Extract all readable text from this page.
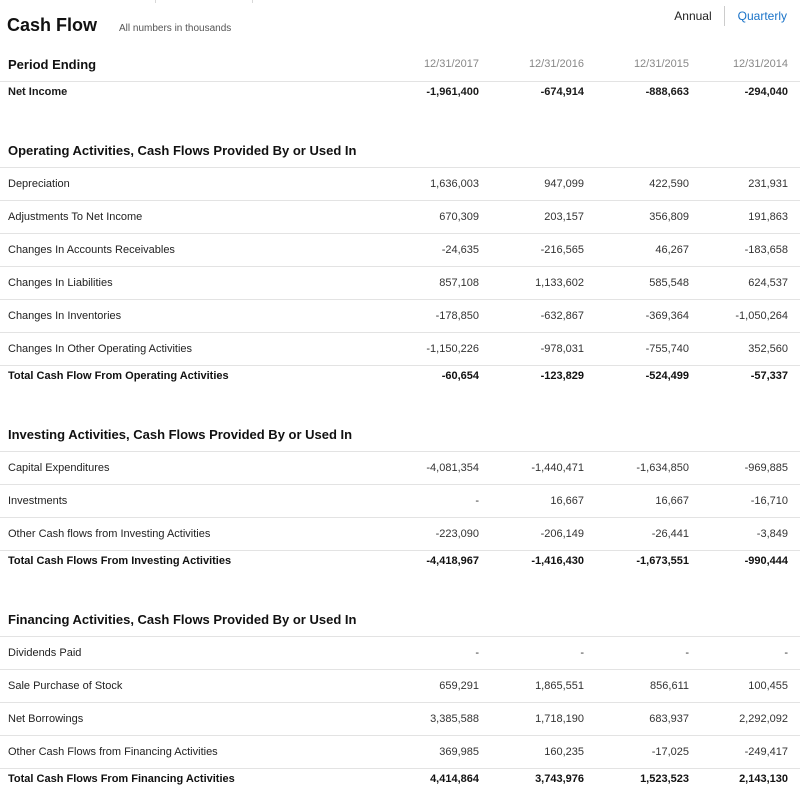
Cash Flow All numbers in thousands
Annual	Quarterly
Period Ending	12/31/2017	12/31/2016	12/31/2015	12/31/2014
Net Income	-1,961,400	-674,914	-888,663	-294,040
Operating Activities, Cash Flows Provided By or Used In				
Depreciation	1,636,003	947,099	422,590	231,931
Adjustments To Net Income	670,309	203,157	356,809	191,863
Changes In Accounts Receivables	-24,635	-216,565	46,267	-183,658
Changes In Liabilities	857,108	1,133,602	585,548	624,537
Changes In Inventories	-178,850	-632,867	-369,364	-1,050,264
Changes In Other Operating Activities	-1,150,226	-978,031	-755,740	352,560
Total Cash Flow From Operating Activities	-60,654	-123,829	-524,499	-57,337
Investing Activities, Cash Flows Provided By or Used In				
Capital Expenditures	-4,081,354	-1,440,471	-1,634,850	-969,885
Investments	-	16,667	16,667	-16,710
Other Cash flows from Investing Activities	-223,090	-206,149	-26,441	-3,849
Total Cash Flows From Investing Activities	-4,418,967	-1,416,430	-1,673,551	-990,444
Financing Activities, Cash Flows Provided By or Used In				
Dividends Paid	-	-	-	-
Sale Purchase of Stock	659,291	1,865,551	856,611	100,455
Net Borrowings	3,385,588	1,718,190	683,937	2,292,092
Other Cash Flows from Financing Activities	369,985	160,235	-17,025	-249,417
Total Cash Flows From Financing Activities	4,414,864	3,743,976	1,523,523	2,143,130
